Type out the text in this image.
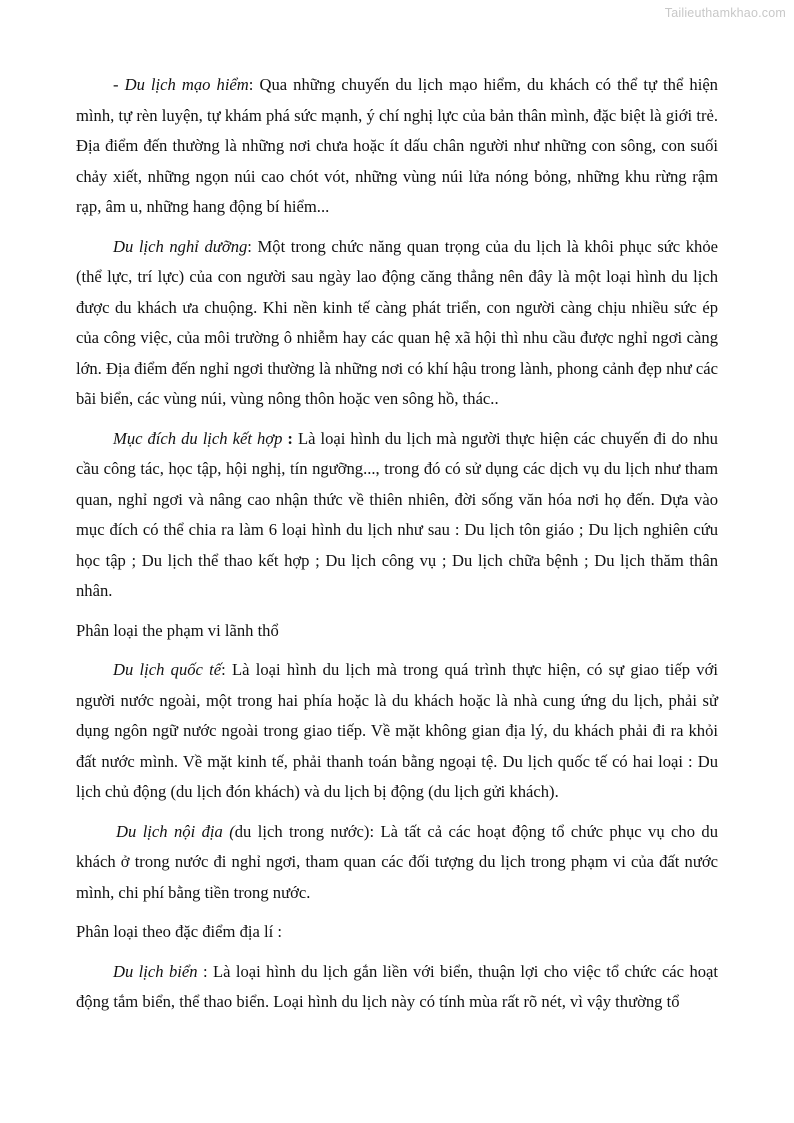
Tailieuthamkhao.com

- Du lịch mạo hiểm: Qua những chuyến du lịch mạo hiểm, du khách có thể tự thể hiện mình, tự rèn luyện, tự khám phá sức mạnh, ý chí nghị lực của bản thân mình, đặc biệt là giới trẻ. Địa điểm đến thường là những nơi chưa hoặc ít dấu chân người như những con sông, con suối chảy xiết, những ngọn núi cao chót vót, những vùng núi lửa nóng bỏng, những khu rừng rậm rạp, âm u, những hang động bí hiểm...

Du lịch nghỉ dưỡng: Một trong chức năng quan trọng của du lịch là khôi phục sức khỏe (thể lực, trí lực) của con người sau ngày lao động căng thẳng nên đây là một loại hình du lịch được du khách ưa chuộng. Khi nền kinh tế càng phát triển, con người càng chịu nhiều sức ép của công việc, của môi trường ô nhiễm hay các quan hệ xã hội thì nhu cầu được nghỉ ngơi càng lớn. Địa điểm đến nghỉ ngơi thường là những nơi có khí hậu trong lành, phong cảnh đẹp như các bãi biển, các vùng núi, vùng nông thôn hoặc ven sông hồ, thác..

Mục đích du lịch kết hợp : Là loại hình du lịch mà người thực hiện các chuyến đi do nhu cầu công tác, học tập, hội nghị, tín ngưỡng..., trong đó có sử dụng các dịch vụ du lịch như tham quan, nghỉ ngơi và nâng cao nhận thức về thiên nhiên, đời sống văn hóa nơi họ đến. Dựa vào mục đích có thể chia ra làm 6 loại hình du lịch như sau : Du lịch tôn giáo ; Du lịch nghiên cứu học tập ; Du lịch thể thao kết hợp ; Du lịch công vụ ; Du lịch chữa bệnh ; Du lịch thăm thân nhân.

Phân loại the phạm vi lãnh thổ

Du lịch quốc tế: Là loại hình du lịch mà trong quá trình thực hiện, có sự giao tiếp với người nước ngoài, một trong hai phía hoặc là du khách hoặc là nhà cung ứng du lịch, phải sử dụng ngôn ngữ nước ngoài trong giao tiếp. Về mặt không gian địa lý, du khách phải đi ra khỏi đất nước mình. Về mặt kinh tế, phải thanh toán bằng ngoại tệ. Du lịch quốc tế có hai loại : Du lịch chủ động (du lịch đón khách) và du lịch bị động (du lịch gửi khách).

Du lịch nội địa (du lịch trong nước): Là tất cả các hoạt động tổ chức phục vụ cho du khách ở trong nước đi nghỉ ngơi, tham quan các đối tượng du lịch trong phạm vi của đất nước mình, chi phí bằng tiền trong nước.

Phân loại theo đặc điểm địa lí :

Du lịch biển : Là loại hình du lịch gắn liền với biển, thuận lợi cho việc tổ chức các hoạt động tắm biển, thể thao biển. Loại hình du lịch này có tính mùa rất rõ nét, vì vậy thường tổ
